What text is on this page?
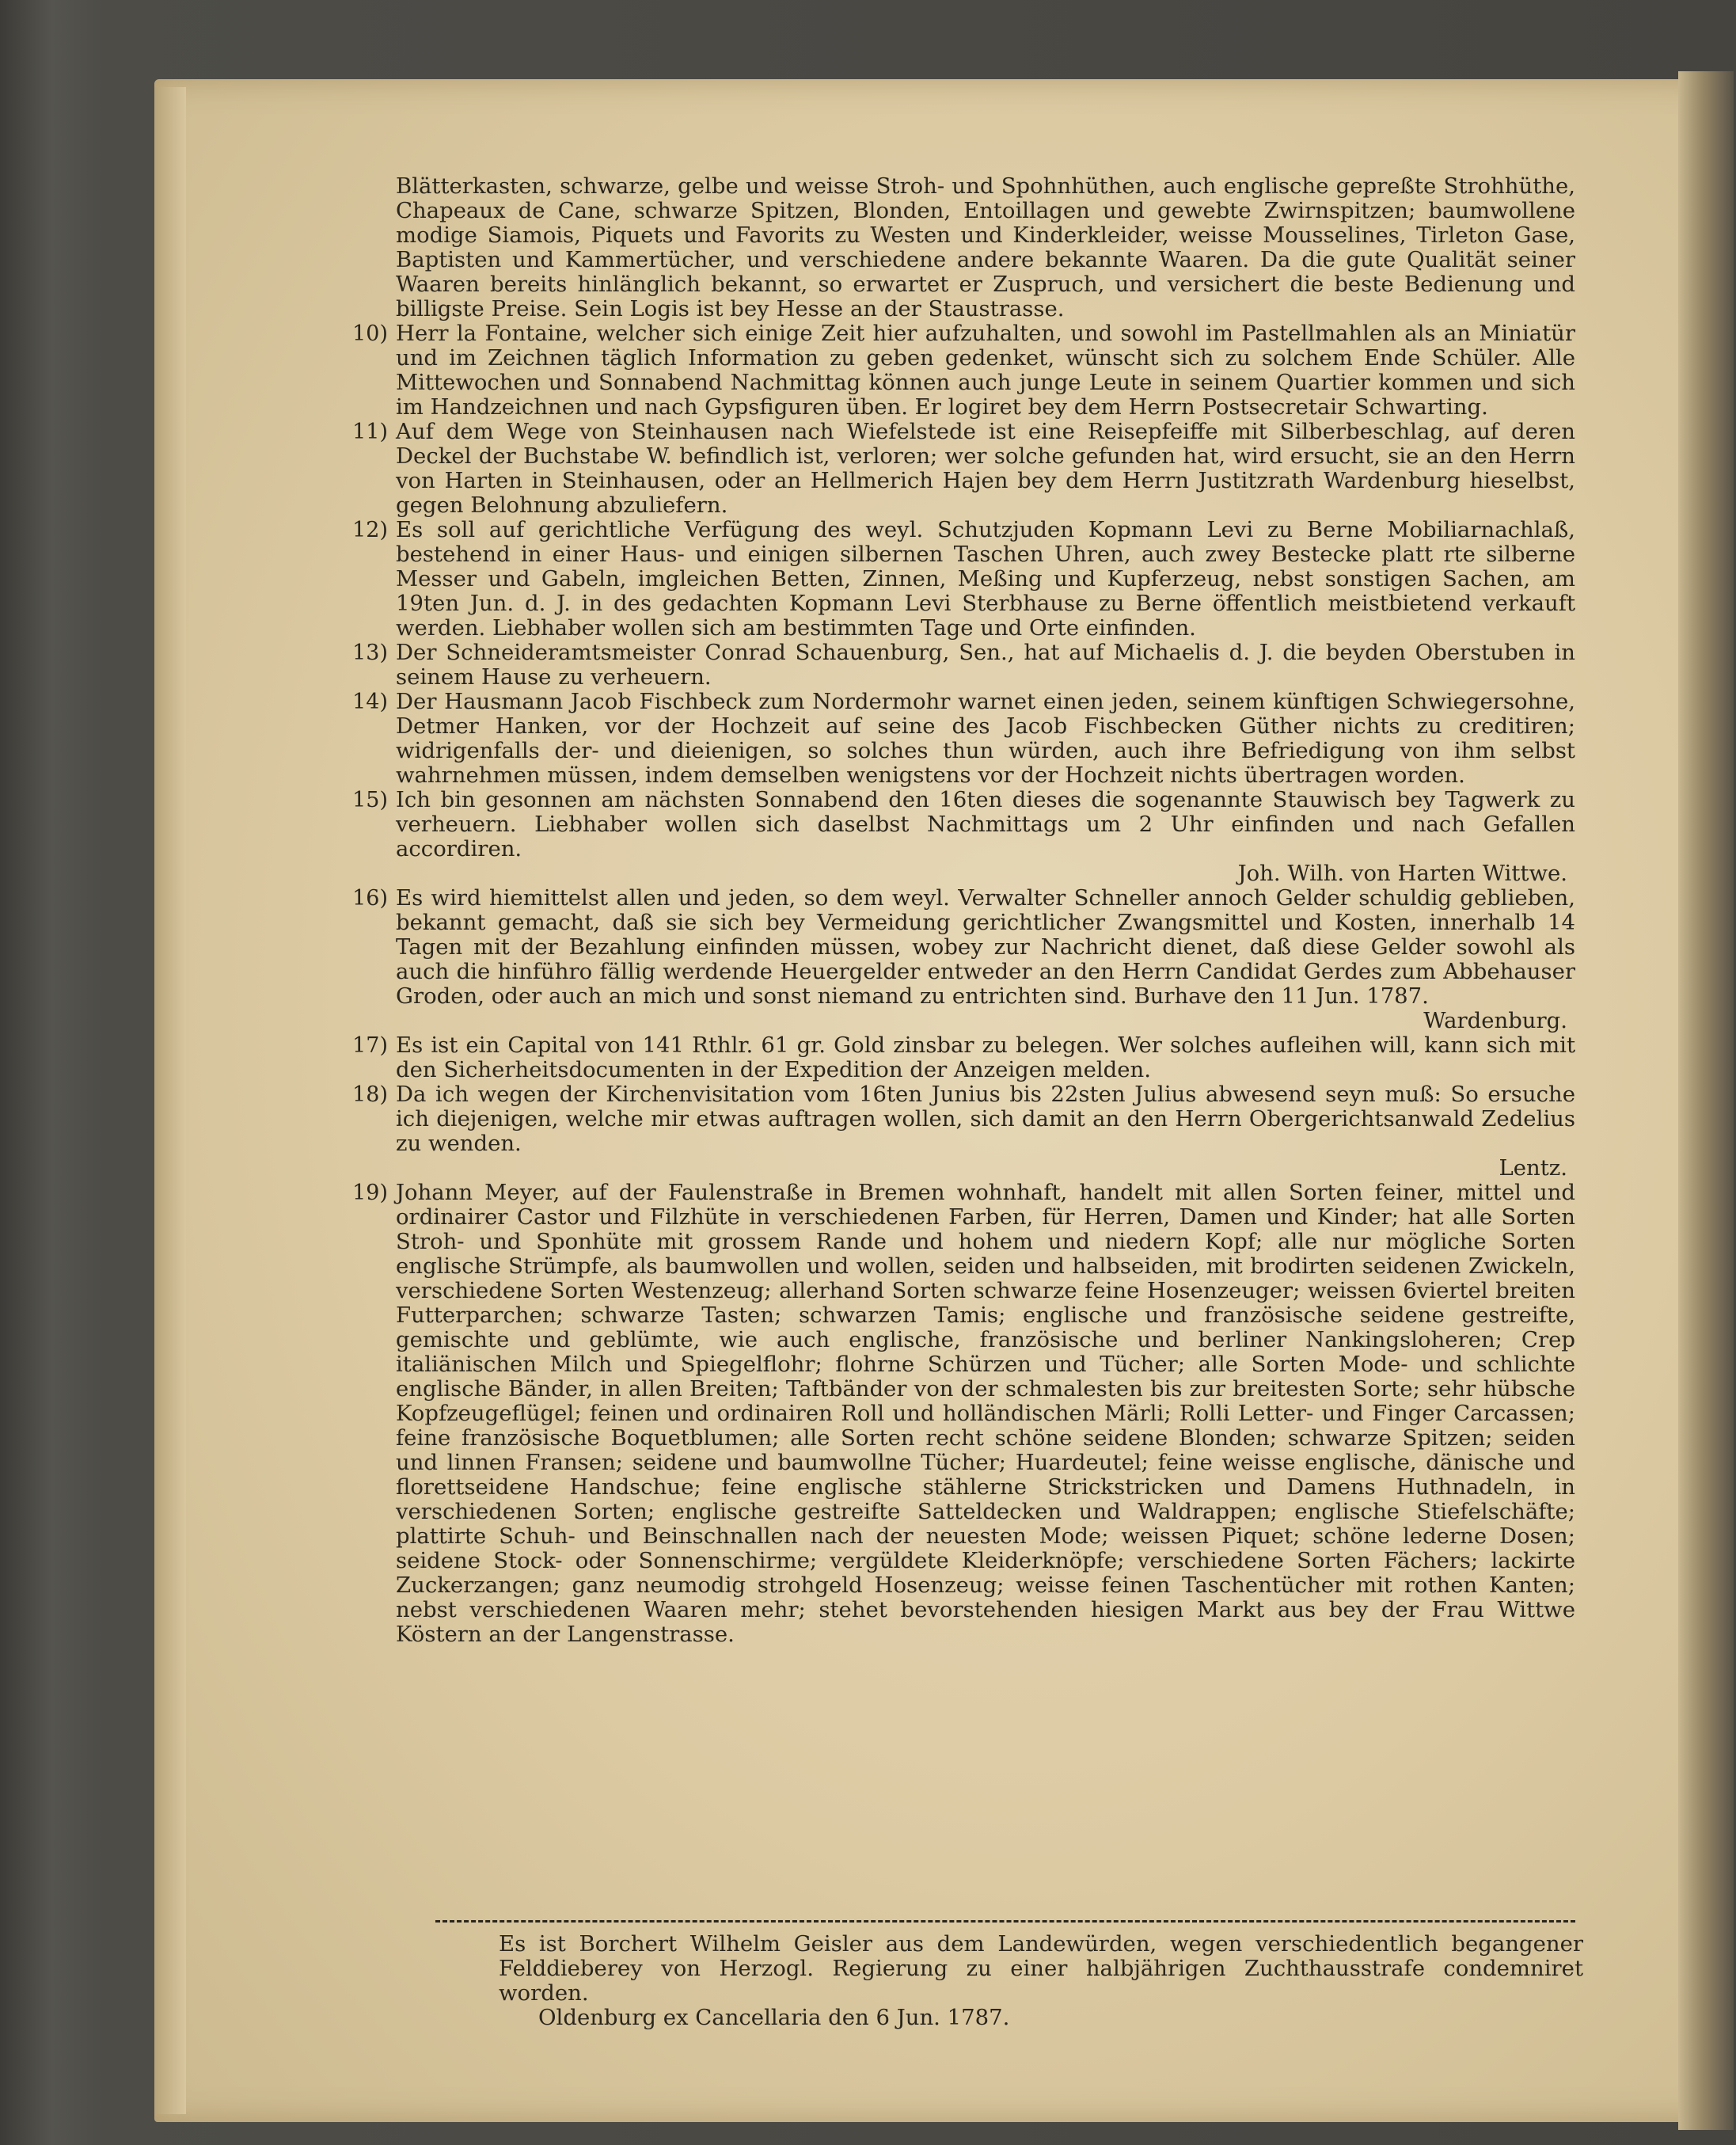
Blätterkasten, schwarze, gelbe und weisse Stroh- und Spohnhüthen, auch englische gepreßte Strohhüthe, Chapeaux de Cane, schwarze Spitzen, Blonden, Entoillagen und gewebte Zwirnspitzen; baumwollene modige Siamois, Piquets und Favorits zu Westen und Kinderkleider, weisse Mousselines, Tirleton Gase, Baptisten und Kammertücher, und verschiedene andere bekannte Waaren. Da die gute Qualität seiner Waaren bereits hinlänglich bekannt, so erwartet er Zuspruch, und versichert die beste Bedienung und billigste Preise. Sein Logis ist bey Hesse an der Staustrasse.

10) Herr la Fontaine, welcher sich einige Zeit hier aufzuhalten, und sowohl im Pastellmahlen als an Miniatür und im Zeichnen täglich Information zu geben gedenket, wünscht sich zu solchem Ende Schüler. Alle Mittewochen und Sonnabend Nachmittag können auch junge Leute in seinem Quartier kommen und sich im Handzeichnen und nach Gypsfiguren üben. Er logiret bey dem Herrn Postsecretair Schwarting.

11) Auf dem Wege von Steinhausen nach Wiefelstede ist eine Reisepfeiffe mit Silberbeschlag, auf deren Deckel der Buchstabe W. befindlich ist, verloren; wer solche gefunden hat, wird ersucht, sie an den Herrn von Harten in Steinhausen, oder an Hellmerich Hajen bey dem Herrn Justitzrath Wardenburg hieselbst, gegen Belohnung abzuliefern.

12) Es soll auf gerichtliche Verfügung des weyl. Schutzjuden Kopmann Levi zu Berne Mobiliarnachlaß, bestehend in einer Haus- und einigen silbernen Taschen Uhren, auch zwey Bestecke platt rte silberne Messer und Gabeln, imgleichen Betten, Zinnen, Meßing und Kupferzeug, nebst sonstigen Sachen, am 19ten Jun. d. J. in des gedachten Kopmann Levi Sterbhause zu Berne öffentlich meistbietend verkauft werden. Liebhaber wollen sich am bestimmten Tage und Orte einfinden.

13) Der Schneideramtsmeister Conrad Schauenburg, Sen., hat auf Michaelis d. J. die beyden Oberstuben in seinem Hause zu verheuern.

14) Der Hausmann Jacob Fischbeck zum Nordermohr warnet einen jeden, seinem künftigen Schwiegersohne, Detmer Hanken, vor der Hochzeit auf seine des Jacob Fischbecken Güther nichts zu creditiren; widrigenfalls der- und dieienigen, so solches thun würden, auch ihre Befriedigung von ihm selbst wahrnehmen müssen, indem demselben wenigstens vor der Hochzeit nichts übertragen worden.

15) Ich bin gesonnen am nächsten Sonnabend den 16ten dieses die sogenannte Stauwisch bey Tagwerk zu verheuern. Liebhaber wollen sich daselbst Nachmittags um 2 Uhr einfinden und nach Gefallen accordiren.

Joh. Wilh. von Harten Wittwe.

16) Es wird hiemittelst allen und jeden, so dem weyl. Verwalter Schneller annoch Gelder schuldig geblieben, bekannt gemacht, daß sie sich bey Vermeidung gerichtlicher Zwangsmittel und Kosten, innerhalb 14 Tagen mit der Bezahlung einfinden müssen, wobey zur Nachricht dienet, daß diese Gelder sowohl als auch die hinführo fällig werdende Heuergelder entweder an den Herrn Candidat Gerdes zum Abbehauser Groden, oder auch an mich und sonst niemand zu entrichten sind. Burhave den 11 Jun. 1787.

Wardenburg.

17) Es ist ein Capital von 141 Rthlr. 61 gr. Gold zinsbar zu belegen. Wer solches aufleihen will, kann sich mit den Sicherheitsdocumenten in der Expedition der Anzeigen melden.

18) Da ich wegen der Kirchenvisitation vom 16ten Junius bis 22sten Julius abwesend seyn muß: So ersuche ich diejenigen, welche mir etwas auftragen wollen, sich damit an den Herrn Obergerichtsanwald Zedelius zu wenden.

Lentz.

19) Johann Meyer, auf der Faulenstraße in Bremen wohnhaft, handelt mit allen Sorten feiner, mittel und ordinairer Castor und Filzhüte in verschiedenen Farben, für Herren, Damen und Kinder; hat alle Sorten Stroh- und Sponhüte mit grossem Rande und hohem und niedern Kopf; alle nur mögliche Sorten englische Strümpfe, als baumwollen und wollen, seiden und halbseiden, mit brodirten seidenen Zwickeln, verschiedene Sorten Westenzeug; allerhand Sorten schwarze feine Hosenzeuger; weissen 6viertel breiten Futterparchen; schwarze Tasten; schwarzen Tamis; englische und französische seidene gestreifte, gemischte und geblümte, wie auch englische, französische und berliner Nankingsloheren; Crep italiänischen Milch und Spiegelflohr; flohrne Schürzen und Tücher; alle Sorten Mode- und schlichte englische Bänder, in allen Breiten; Taftbänder von der schmalesten bis zur breitesten Sorte; sehr hübsche Kopfzeugeflügel; feinen und ordinairen Roll und holländischen Märli; Rolli Letter- und Finger Carcassen; feine französische Boquetblumen; alle Sorten recht schöne seidene Blonden; schwarze Spitzen; seiden und linnen Fransen; seidene und baumwollne Tücher; Huardeutel; feine weisse englische, dänische und florettseidene Handschue; feine englische stählerne Strickstricken und Damens Huthnadeln, in verschiedenen Sorten; englische gestreifte Satteldecken und Waldrappen; englische Stiefelschäfte; plattirte Schuh- und Beinschnallen nach der neuesten Mode; weissen Piquet; schöne lederne Dosen; seidene Stock- oder Sonnenschirme; vergüldete Kleiderknöpfe; verschiedene Sorten Fächers; lackirte Zuckerzangen; ganz neumodig strohgeld Hosenzeug; weisse feinen Taschentücher mit rothen Kanten; nebst verschiedenen Waaren mehr; stehet bevorstehenden hiesigen Markt aus bey der Frau Wittwe Köstern an der Langenstrasse.

Es ist Borchert Wilhelm Geisler aus dem Landewürden, wegen verschiedentlich begangener Felddieberey von Herzogl. Regierung zu einer halbjährigen Zuchthausstrafe condemniret worden.

Oldenburg ex Cancellaria den 6 Jun. 1787.
